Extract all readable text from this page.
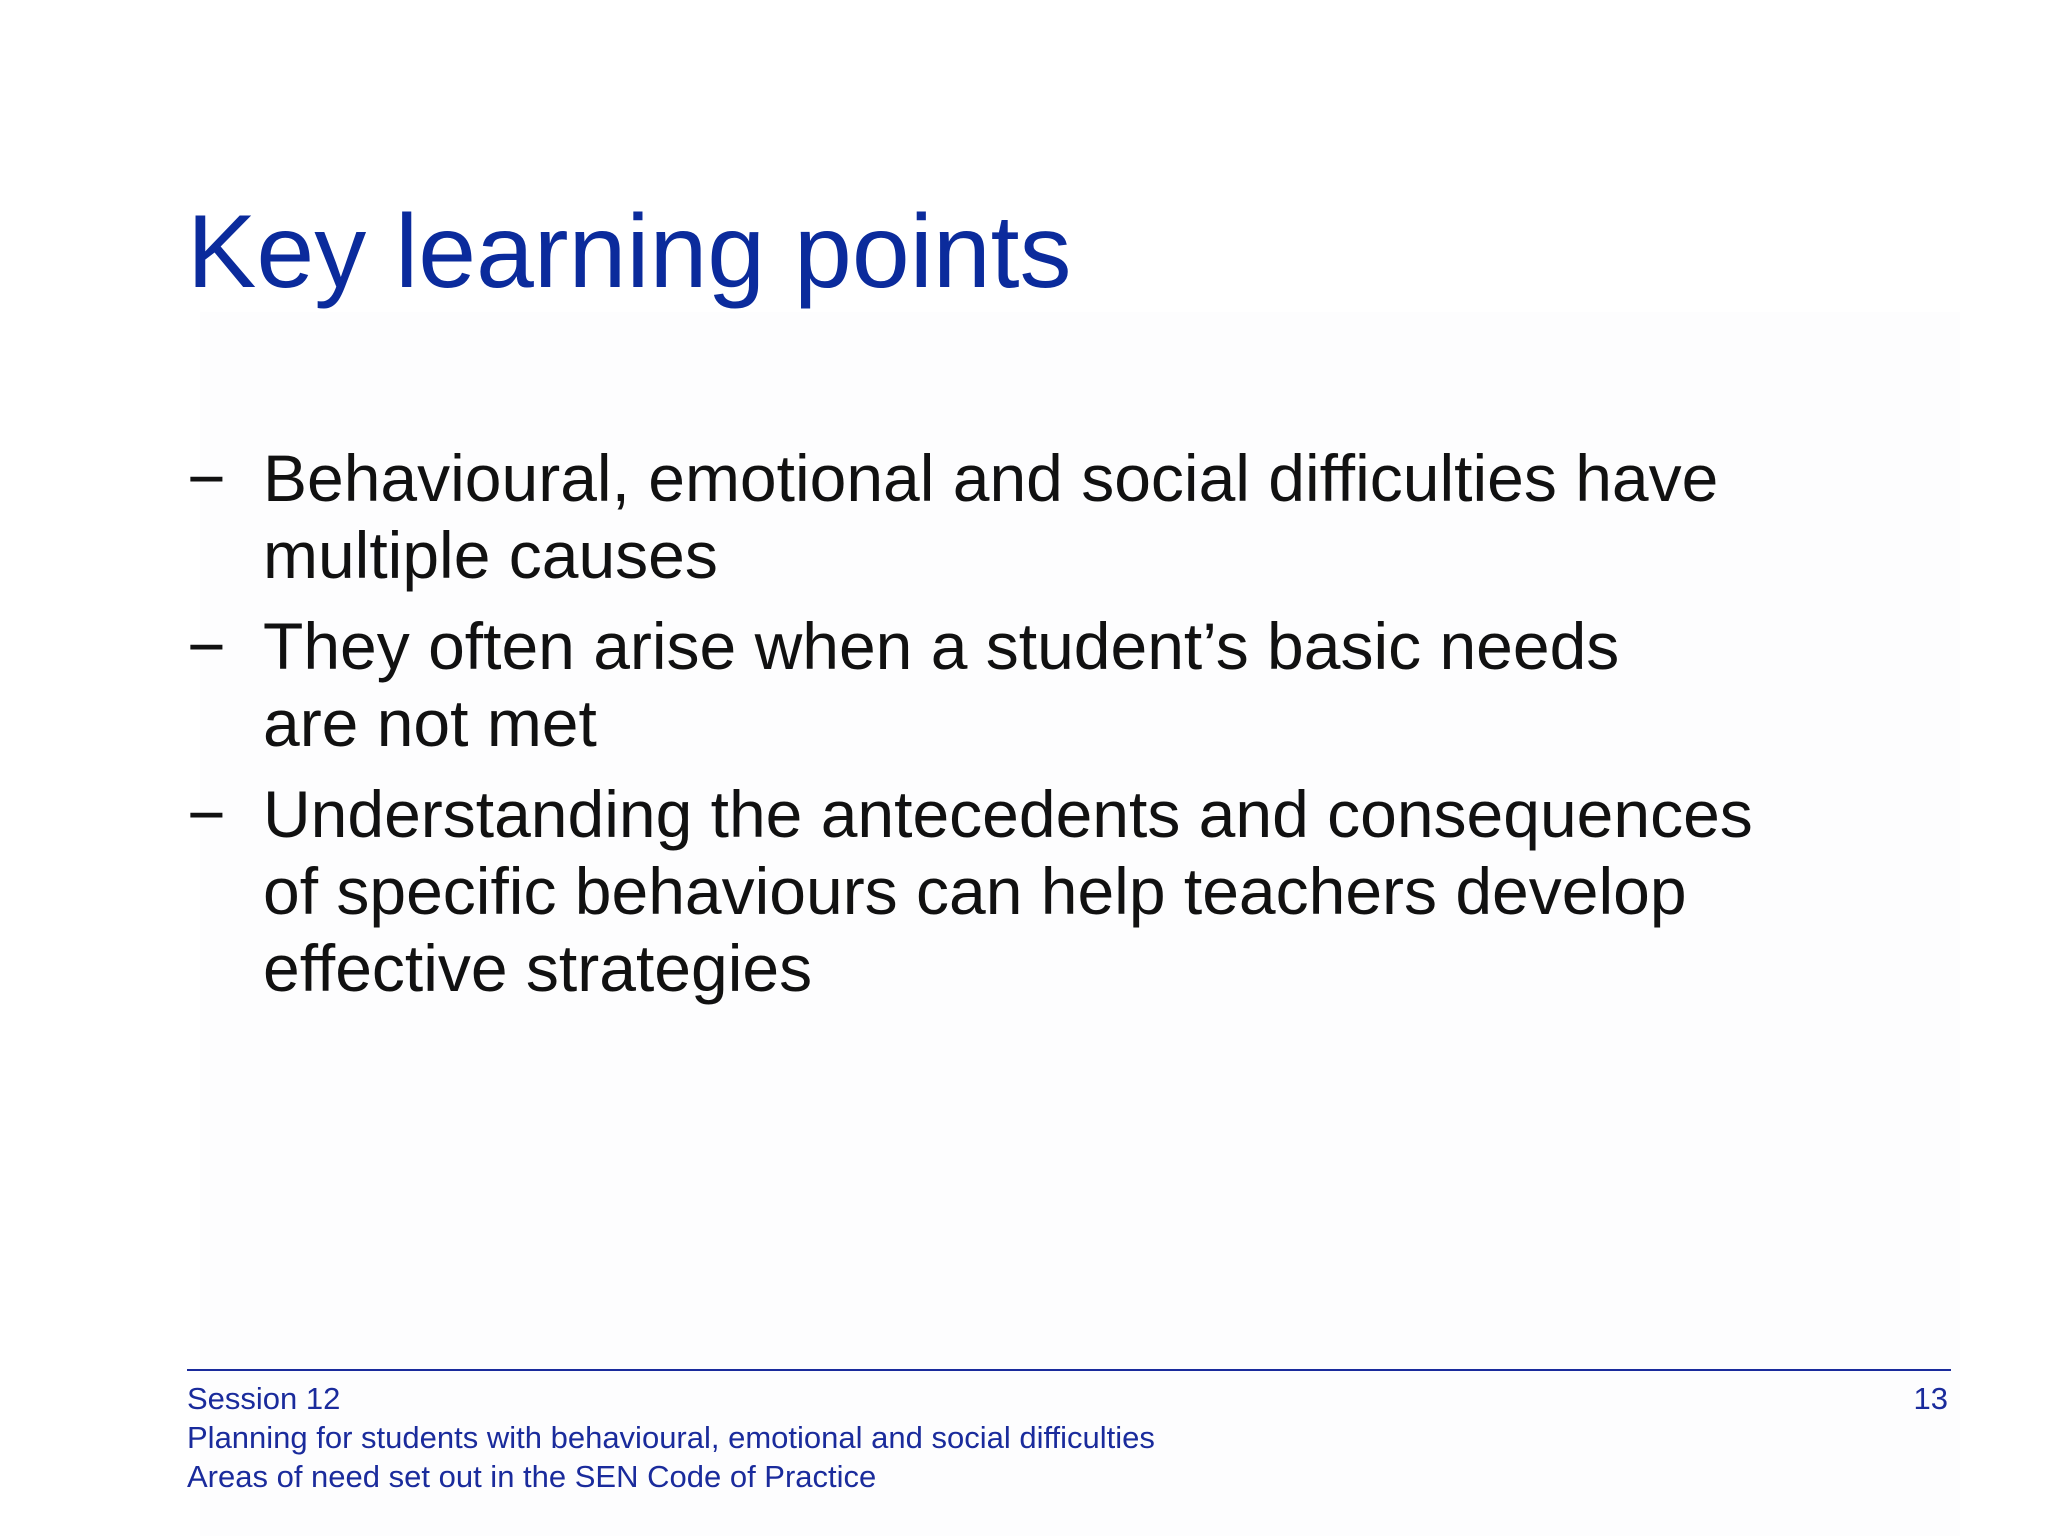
Key learning points
− Behavioural, emotional and social difficulties have
multiple causes
− They often arise when a student’s basic needs
are not met
− Understanding the antecedents and consequences
of specific behaviours can help teachers develop
effective strategies
Session 12
Planning for students with behavioural, emotional and social difficulties
Areas of need set out in the SEN Code of Practice
13
